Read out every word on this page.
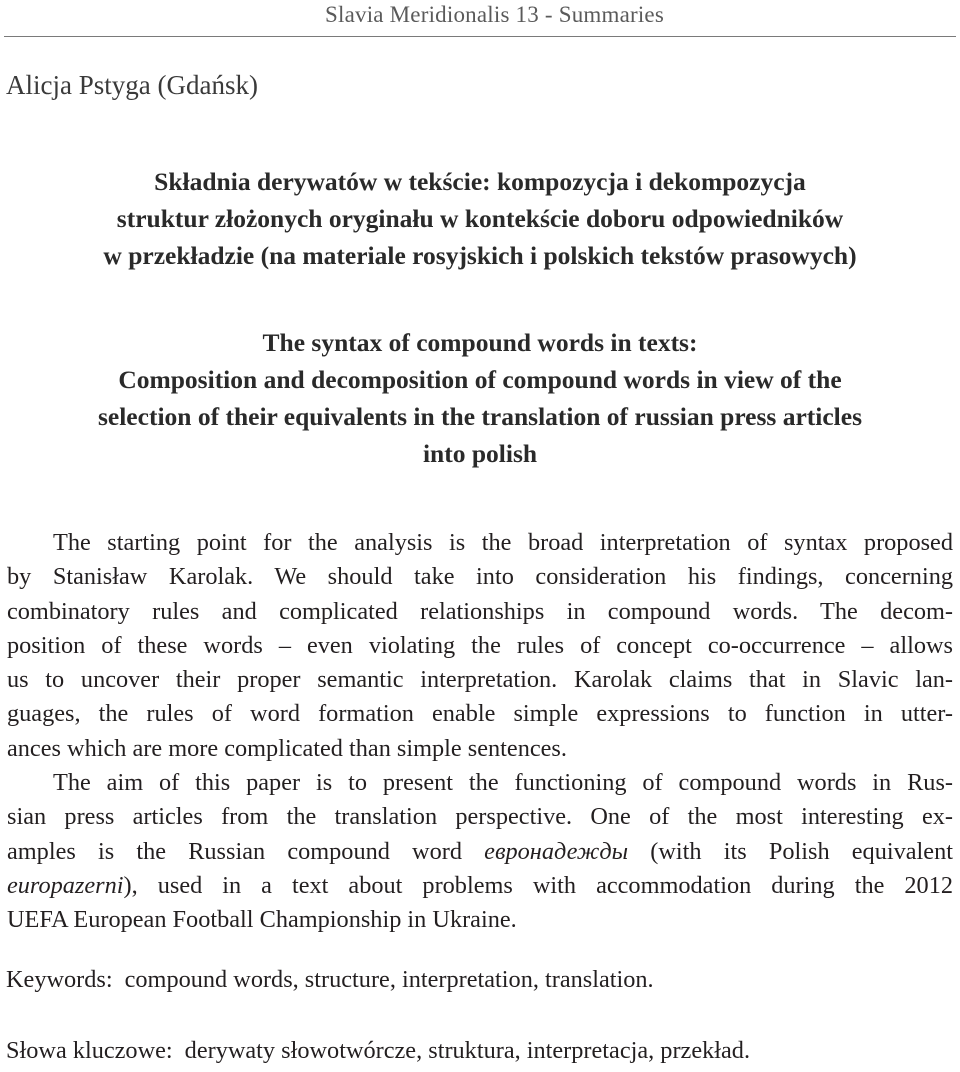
Slavia Meridionalis 13 - Summaries
Alicja Pstyga (Gdańsk)
Składnia derywatów w tekście: kompozycja i dekompozycja
struktur złożonych oryginału w kontekście doboru odpowiedników
w przekładzie (na materiale rosyjskich i polskich tekstów prasowych)
The syntax of compound words in texts:
Composition and decomposition of compound words in view of the
selection of their equivalents in the translation of russian press articles
into polish
The starting point for the analysis is the broad interpretation of syntax proposed
by Stanisław Karolak. We should take into consideration his findings, concerning
combinatory rules and complicated relationships in compound words. The decom-
position of these words – even violating the rules of concept co-occurrence – allows
us to uncover their proper semantic interpretation. Karolak claims that in Slavic lan-
guages, the rules of word formation enable simple expressions to function in utter-
ances which are more complicated than simple sentences.
The aim of this paper is to present the functioning of compound words in Rus-
sian press articles from the translation perspective. One of the most interesting ex-
amples is the Russian compound word евронадежды (with its Polish equivalent
europazerni), used in a text about problems with accommodation during the 2012
UEFA European Football Championship in Ukraine.
Keywords: compound words, structure, interpretation, translation.
Słowa kluczowe: derywaty słowotwórcze, struktura, interpretacja, przekład.
